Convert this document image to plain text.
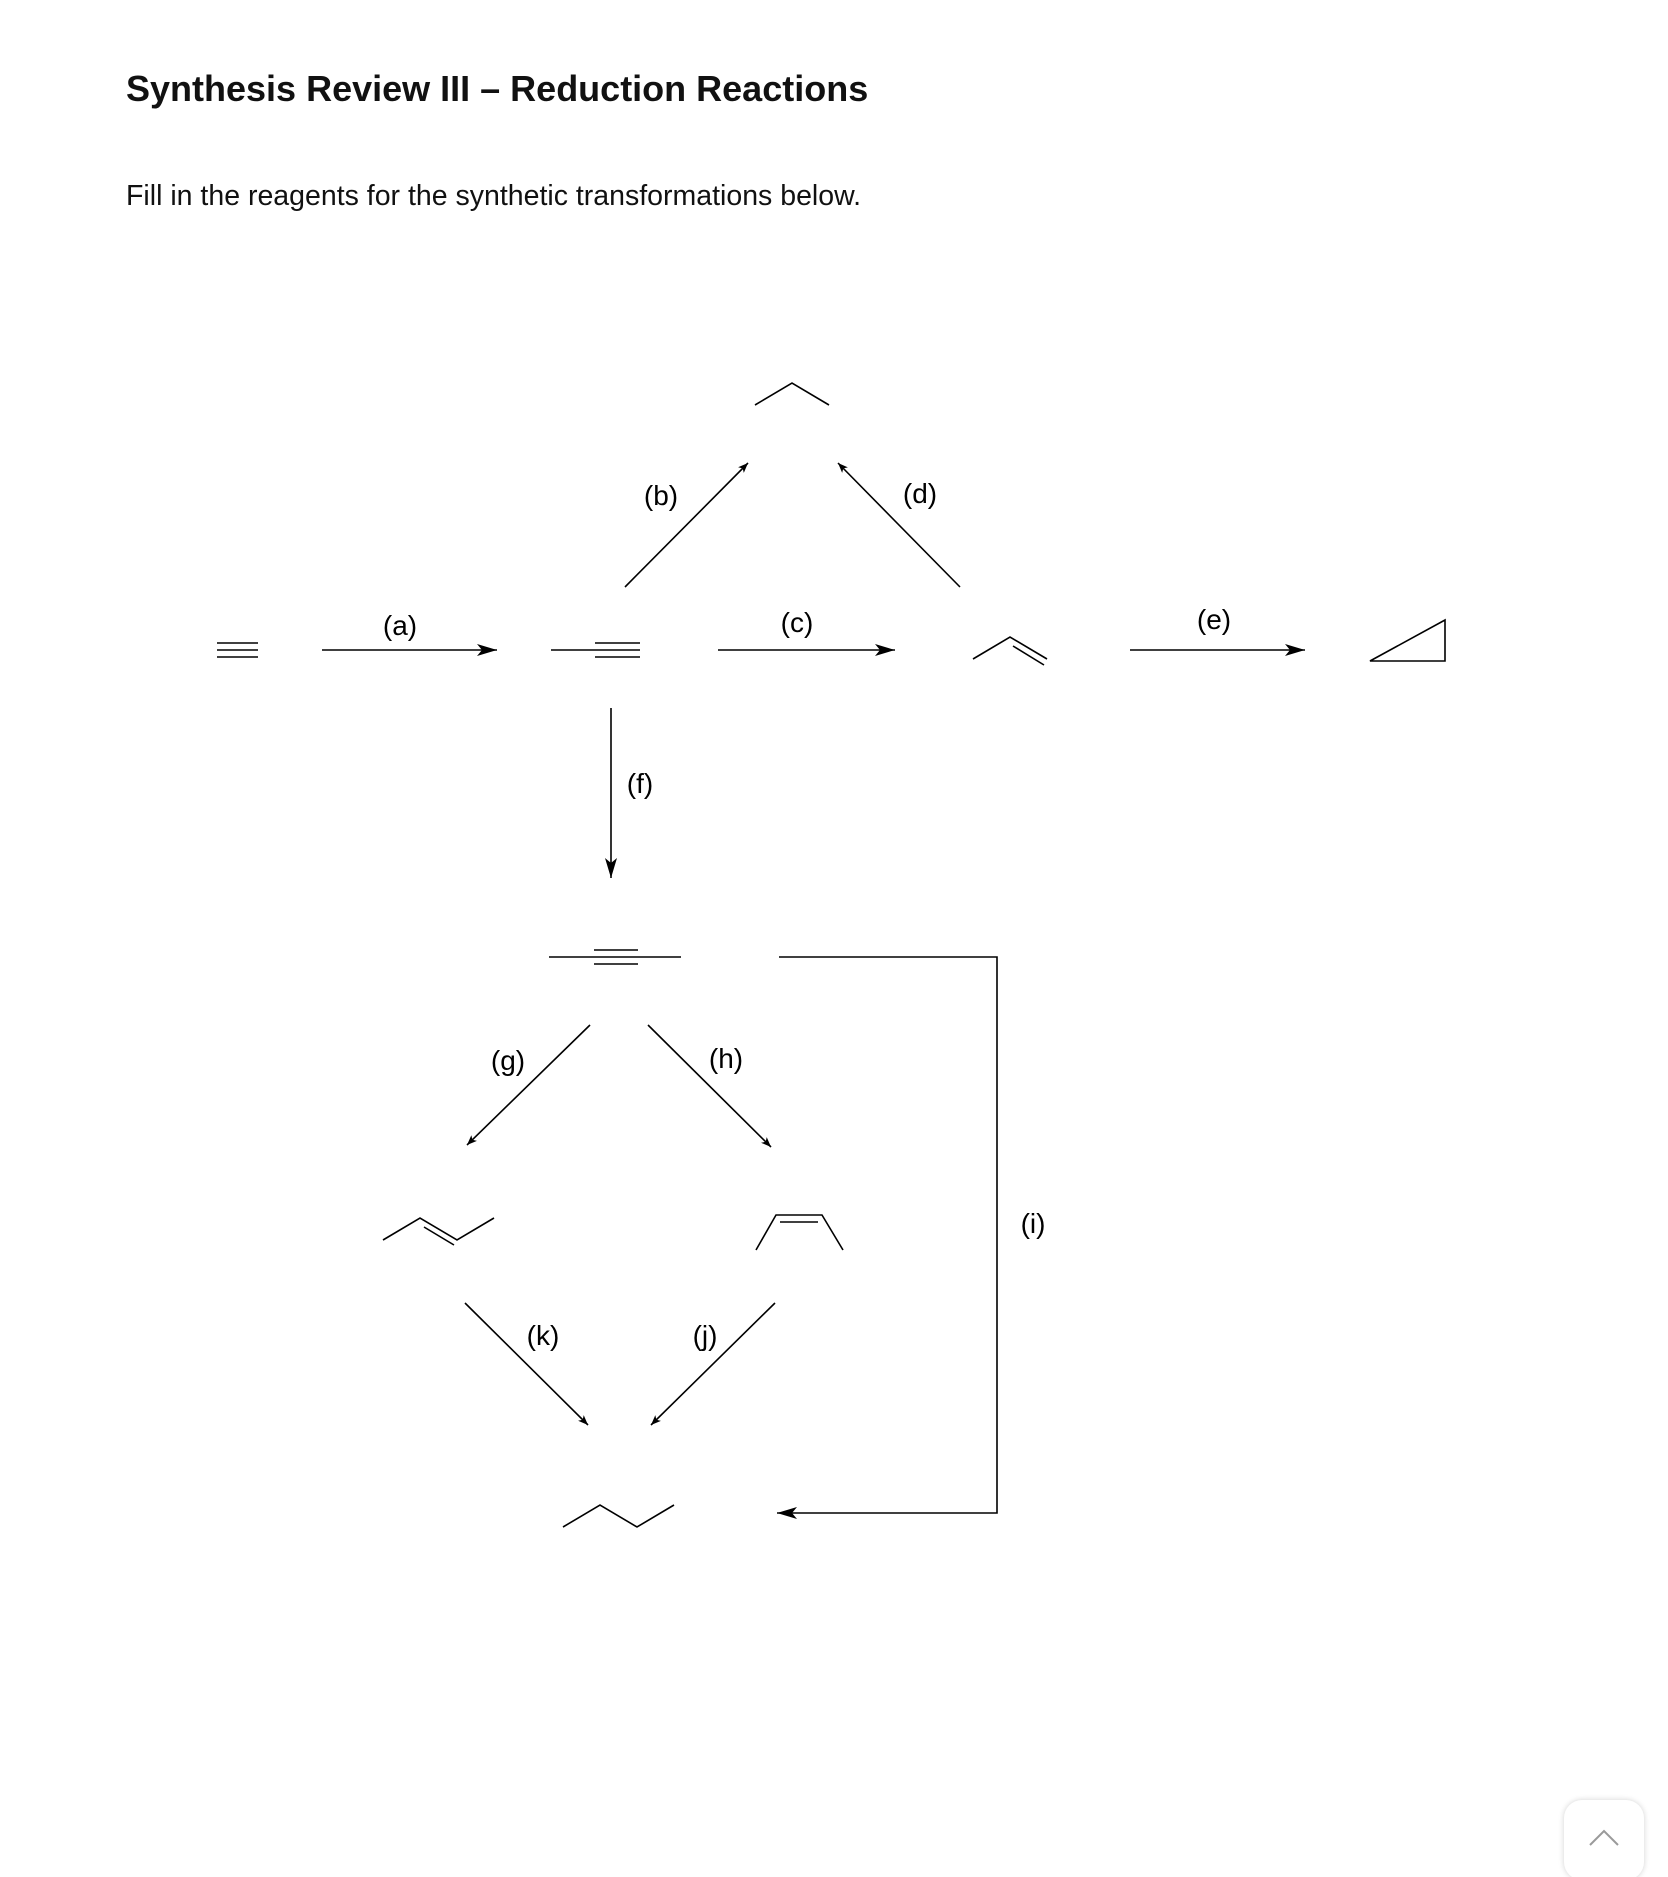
Synthesis Review III – Reduction Reactions

Fill in the reagents for the synthetic transformations below.

(a)
(b)
(c)
(d)
(e)
(f)
(g)	(h)
(i)
(j)
(k)
